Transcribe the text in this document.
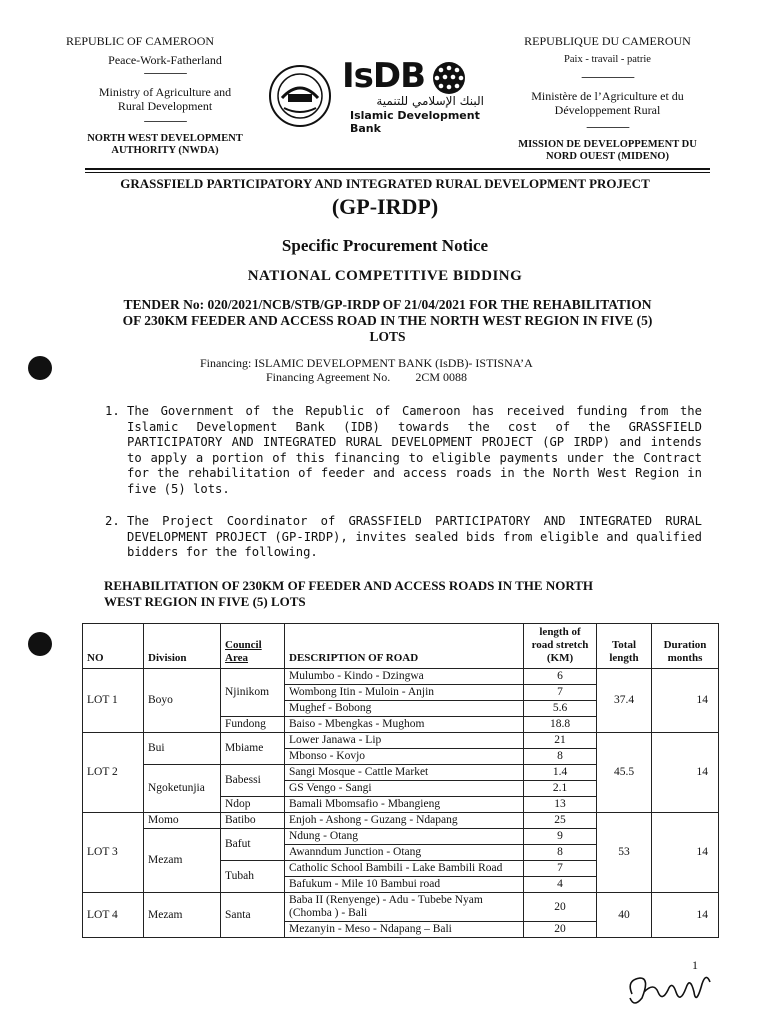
REPUBLIC OF CAMEROON
Peace-Work-Fatherland
-----------------
Ministry of Agriculture and
Rural Development
-----------------
NORTH WEST DEVELOPMENT
AUTHORITY (NWDA)
REPUBLIQUE DU CAMEROUN
Paix - travail - patrie
---------------------
Ministère de l’Agriculture et du
Développement Rural
-----------------
MISSION DE DEVELOPPEMENT DU
NORD OUEST (MIDENO)
IsDB
البنك الإسلامي للتنمية
Islamic Development Bank
GRASSFIELD PARTICIPATORY AND INTEGRATED RURAL DEVELOPMENT PROJECT
(GP-IRDP)
Specific Procurement Notice
NATIONAL COMPETITIVE BIDDING
TENDER No: 020/2021/NCB/STB/GP-IRDP OF 21/04/2021 FOR THE REHABILITATION
OF 230KM FEEDER AND ACCESS ROAD IN THE NORTH WEST REGION IN FIVE (5)
LOTS
Financing: ISLAMIC DEVELOPMENT BANK (IsDB)- ISTISNA’A
Financing Agreement No. 2CM 0088
1. The Government of the Republic of Cameroon has received funding from the Islamic Development Bank (IDB) towards the cost of the GRASSFIELD PARTICIPATORY AND INTEGRATED RURAL DEVELOPMENT PROJECT (GP IRDP) and intends to apply a portion of this financing to eligible payments under the Contract for the rehabilitation of feeder and access roads in the North West Region in five (5) lots.
2. The Project Coordinator of GRASSFIELD PARTICIPATORY AND INTEGRATED RURAL DEVELOPMENT PROJECT (GP-IRDP), invites sealed bids from eligible and qualified bidders for the following.
REHABILITATION OF 230KM OF FEEDER AND ACCESS ROADS IN THE NORTH
WEST REGION IN FIVE (5) LOTS
NO	Division	Council Area	DESCRIPTION OF ROAD	length of road stretch (KM)	Total length	Duration months
LOT 1	Boyo	Njinikom	Mulumbo - Kindo - Dzingwa	6	37.4	14
			Wombong Itin - Muloin - Anjin	7		
			Mughef - Bobong	5.6		
		Fundong	Baiso - Mbengkas - Mughom	18.8		
LOT 2	Bui	Mbiame	Lower Janawa - Lip	21	45.5	14
			Mbonso - Kovjo	8		
	Ngoketunjia	Babessi	Sangi Mosque - Cattle Market	1.4		
			GS Vengo - Sangi	2.1		
		Ndop	Bamali Mbomsafio - Mbangieng	13		
LOT 3	Momo	Batibo	Enjoh - Ashong - Guzang - Ndapang	25	53	14
	Mezam	Bafut	Ndung - Otang	9		
			Awanndum Junction - Otang	8		
		Tubah	Catholic School Bambili - Lake Bambili Road	7		
			Bafukum - Mile 10 Bambui road	4		
LOT 4	Mezam	Santa	Baba II (Renyenge) - Adu - Tubebe Nyam (Chomba ) - Bali	20	40	14
			Mezanyin - Meso - Ndapang – Bali	20		
1
